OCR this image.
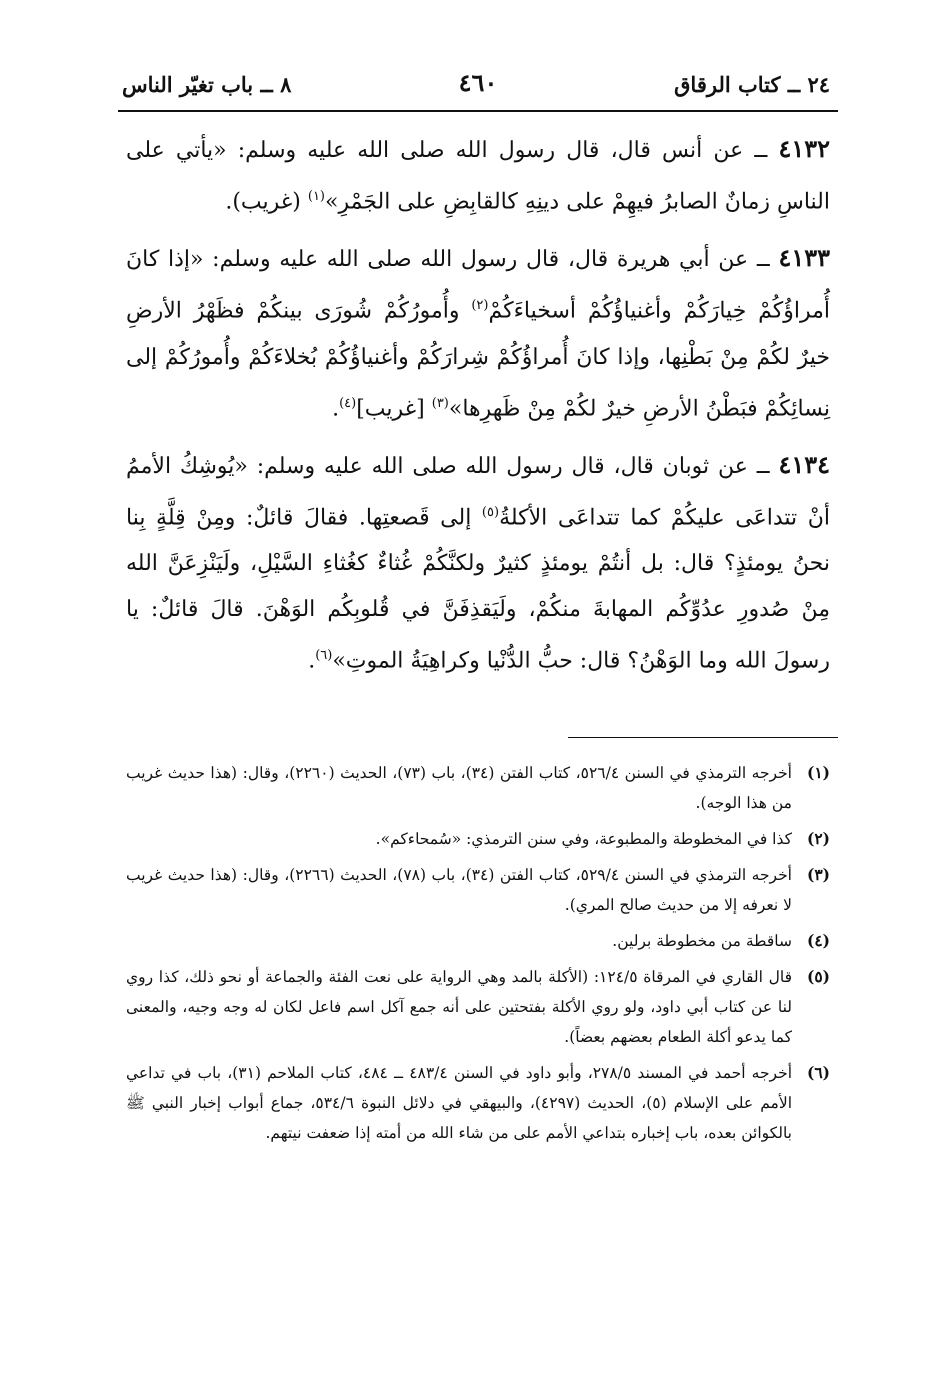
٢٤ ــ كتاب الرقاق
٤٦٠
٨ ــ باب تغيّر الناس

٤١٣٢ ــ عن أنس قال، قال رسول الله صلى الله عليه وسلم: «يأتي على الناسِ زمانٌ الصابرُ فيهِمْ على دينِهِ كالقابِضِ على الجَمْرِ»$^{(١)}$ (غريب).

٤١٣٣ ــ عن أبي هريرة قال، قال رسول الله صلى الله عليه وسلم: «إذا كانَ أُمراؤُكُمْ خِيارَكُمْ وأغنياؤُكُمْ أسخياءَكُمْ$^{(٢)}$ وأُمورُكُمْ شُورَى بينكُمْ فظَهْرُ الأرضِ خيرٌ لكُمْ مِنْ بَطْنِها، وإذا كانَ أُمراؤُكُمْ شِرارَكُمْ وأغنياؤُكُمْ بُخلاءَكُمْ وأُمورُكُمْ إلى نِسائِكُمْ فبَطْنُ الأرضِ خيرٌ لكُمْ مِنْ ظَهرِها»$^{(٣)}$ [غريب]$^{(٤)}$.

٤١٣٤ ــ عن ثوبان قال، قال رسول الله صلى الله عليه وسلم: «يُوشِكُ الأممُ أنْ تتداعَى عليكُمْ كما تتداعَى الأكلةُ$^{(٥)}$ إلى قَصعتِها. فقالَ قائلٌ: ومِنْ قِلَّةٍ بِنا نحنُ يومئذٍ؟ قال: بل أنتُمْ يومئذٍ كثيرٌ ولكنَّكُمْ غُثاءٌ كغُثاءِ السَّيْلِ، ولَيَنْزِعَنَّ الله مِنْ صُدورِ عدُوِّكُم المهابةَ منكُمْ، ولَيَقذِفَنَّ في قُلوبِكُم الوَهْنَ. قالَ قائلٌ: يا رسولَ الله وما الوَهْنُ؟ قال: حبُّ الدُّنْيا وكراهِيَةُ الموتِ»$^{(٦)}$.

(١)
أخرجه الترمذي في السنن ٥٢٦/٤، كتاب الفتن (٣٤)، باب (٧٣)، الحديث (٢٢٦٠)، وقال: (هذا حديث غريب من هذا الوجه).
(٢)
كذا في المخطوطة والمطبوعة، وفي سنن الترمذي: «سُمحاءكم».
(٣)
أخرجه الترمذي في السنن ٥٢٩/٤، كتاب الفتن (٣٤)، باب (٧٨)، الحديث (٢٢٦٦)، وقال: (هذا حديث غريب لا نعرفه إلا من حديث صالح المري).
(٤)
ساقطة من مخطوطة برلين.
(٥)
قال القاري في المرقاة ١٢٤/٥: (الأكلة بالمد وهي الرواية على نعت الفئة والجماعة أو نحو ذلك، كذا روي لنا عن كتاب أبي داود، ولو روي الأكلة بفتحتين على أنه جمع آكل اسم فاعل لكان له وجه وجيه، والمعنى كما يدعو أكلة الطعام بعضهم بعضاً).
(٦)
أخرجه أحمد في المسند ٢٧٨/٥، وأبو داود في السنن ٤٨٣/٤ ــ ٤٨٤، كتاب الملاحم (٣١)، باب في تداعي الأمم على الإسلام (٥)، الحديث (٤٢٩٧)، والبيهقي في دلائل النبوة ٥٣٤/٦، جماع أبواب إخبار النبي ﷺ بالكوائن بعده، باب إخباره بتداعي الأمم على من شاء الله من أمته إذا ضعفت نيتهم.
